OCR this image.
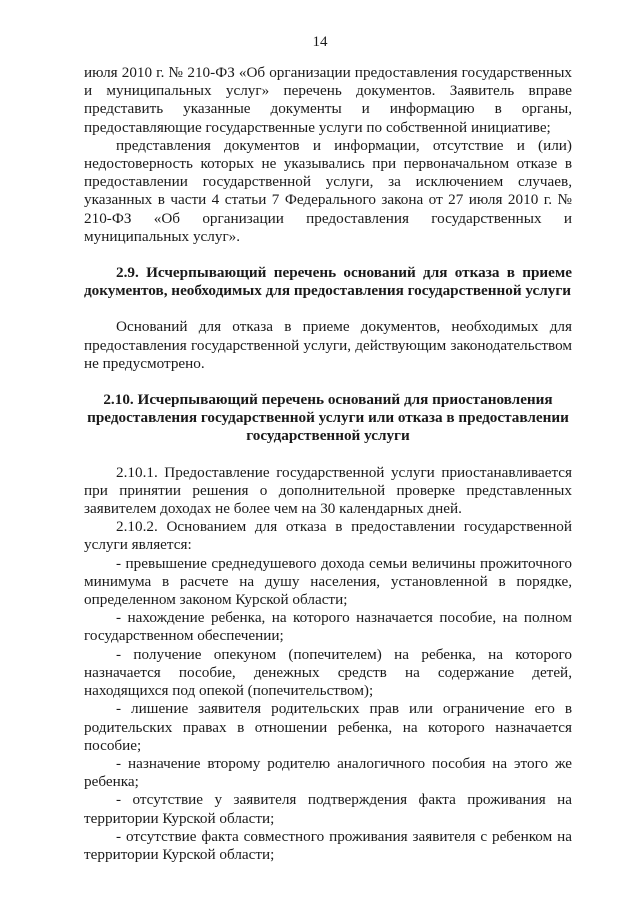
14

июля 2010 г. № 210-ФЗ «Об организации предоставления государственных и муниципальных услуг» перечень документов. Заявитель вправе представить указанные документы и информацию в органы, предоставляющие государственные услуги по собственной инициативе;

представления документов и информации, отсутствие и (или) недостоверность которых не указывались при первоначальном отказе в предоставлении государственной услуги, за исключением случаев, указанных в части 4 статьи 7 Федерального закона от 27 июля 2010 г. № 210-ФЗ «Об организации предоставления государственных и муниципальных услуг».

2.9. Исчерпывающий перечень оснований для отказа в приеме документов, необходимых для предоставления государственной услуги

Оснований для отказа в приеме документов, необходимых для предоставления государственной услуги, действующим законодательством не предусмотрено.

2.10. Исчерпывающий перечень оснований для приостановления предоставления государственной услуги или отказа в предоставлении государственной услуги

2.10.1. Предоставление государственной услуги приостанавливается при принятии решения о дополнительной проверке представленных заявителем доходах не более чем на 30 календарных дней.

2.10.2. Основанием для отказа в предоставлении государственной услуги является:

- превышение среднедушевого дохода семьи величины прожиточного минимума в расчете на душу населения, установленной в порядке, определенном законом Курской области;

- нахождение ребенка, на которого назначается пособие, на полном государственном обеспечении;

- получение опекуном (попечителем) на ребенка, на которого назначается пособие, денежных средств на содержание детей, находящихся под опекой (попечительством);

- лишение заявителя родительских прав или ограничение его в родительских правах в отношении ребенка, на которого назначается пособие;

- назначение второму родителю аналогичного пособия на этого же ребенка;

- отсутствие у заявителя подтверждения факта проживания на территории Курской области;

- отсутствие факта совместного проживания заявителя с ребенком на территории Курской области;
